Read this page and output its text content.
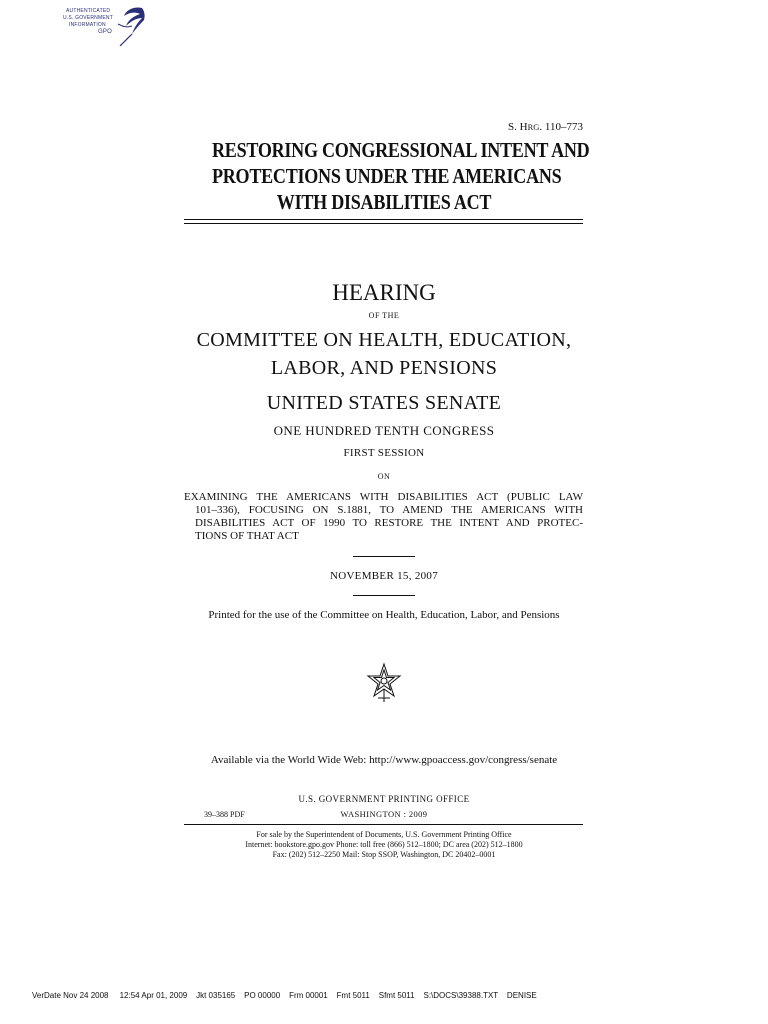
AUTHENTICATED
U.S. GOVERNMENT
INFORMATION
GPO
S. HRG. 110–773
RESTORING CONGRESSIONAL INTENT AND
PROTECTIONS UNDER THE AMERICANS
WITH DISABILITIES ACT
HEARING
OF THE
COMMITTEE ON HEALTH, EDUCATION,
LABOR, AND PENSIONS
UNITED STATES SENATE
ONE HUNDRED TENTH CONGRESS
FIRST SESSION
ON
EXAMINING THE AMERICANS WITH DISABILITIES ACT (PUBLIC LAW
101–336), FOCUSING ON S.1881, TO AMEND THE AMERICANS WITH
DISABILITIES ACT OF 1990 TO RESTORE THE INTENT AND PROTEC-
TIONS OF THAT ACT
NOVEMBER 15, 2007
Printed for the use of the Committee on Health, Education, Labor, and Pensions
Available via the World Wide Web: http://www.gpoaccess.gov/congress/senate
U.S. GOVERNMENT PRINTING OFFICE
39–388 PDF	WASHINGTON : 2009
For sale by the Superintendent of Documents, U.S. Government Printing Office
Internet: bookstore.gpo.gov Phone: toll free (866) 512–1800; DC area (202) 512–1800
Fax: (202) 512–2250 Mail: Stop SSOP, Washington, DC 20402–0001
VerDate Nov 24 2008     12:54 Apr 01, 2009    Jkt 035165    PO 00000    Frm 00001    Fmt 5011    Sfmt 5011    S:\DOCS\39388.TXT    DENISE
